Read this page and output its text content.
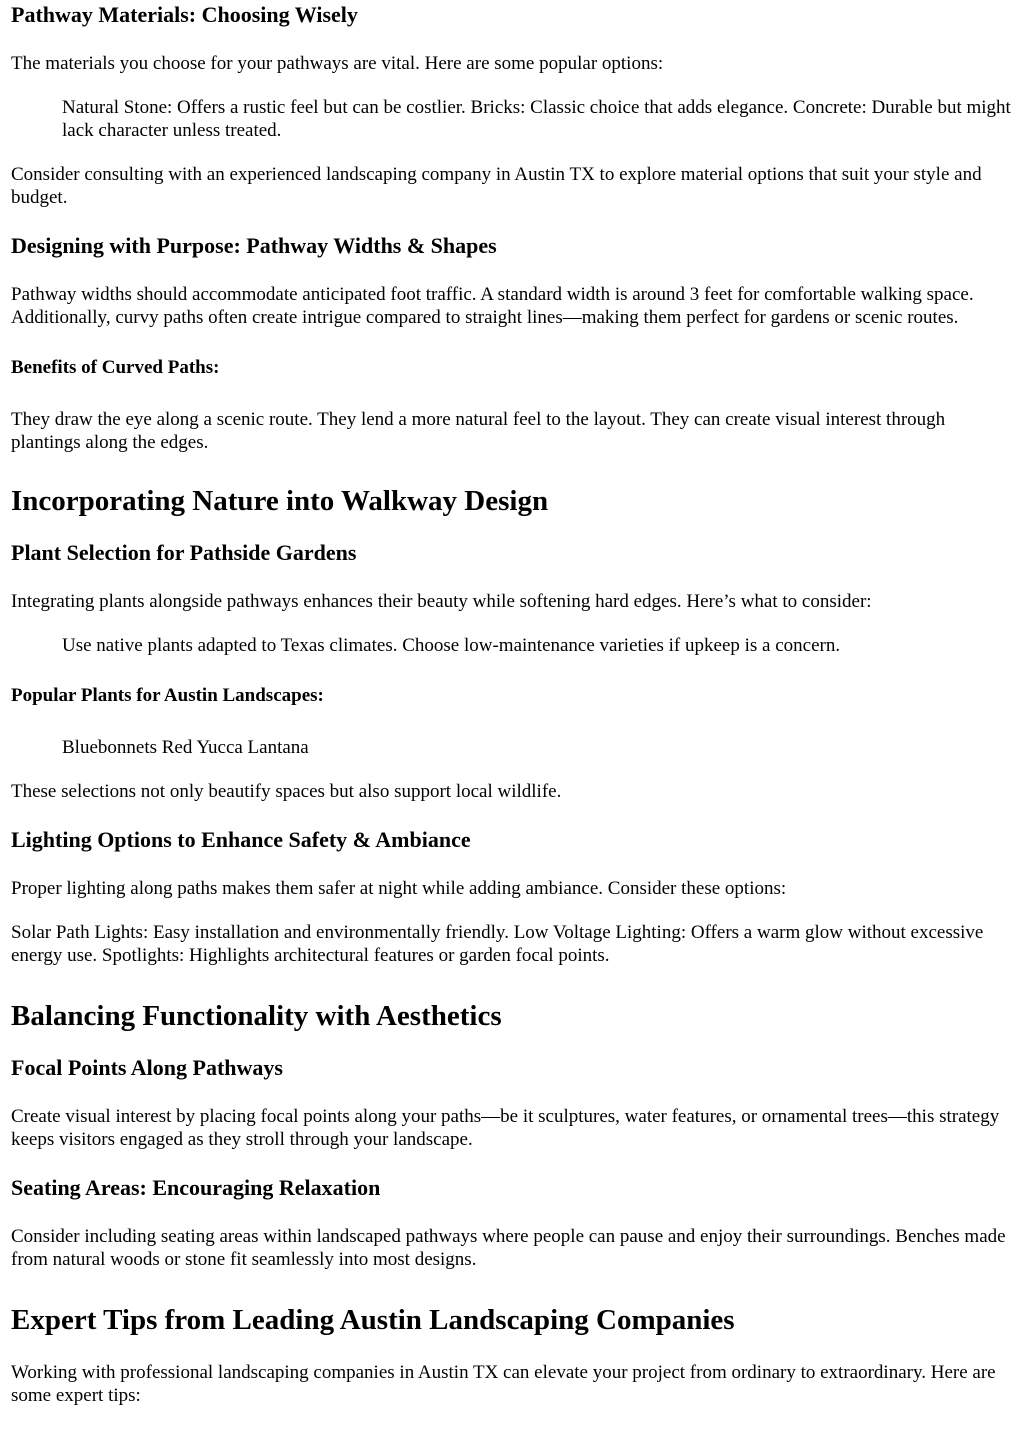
Pathway Materials: Choosing Wisely

The materials you choose for your pathways are vital. Here are some popular options:

Natural Stone: Offers a rustic feel but can be costlier. Bricks: Classic choice that adds elegance. Concrete: Durable but might lack character unless treated.

Consider consulting with an experienced landscaping company in Austin TX to explore material options that suit your style and budget.

Designing with Purpose: Pathway Widths & Shapes

Pathway widths should accommodate anticipated foot traffic. A standard width is around 3 feet for comfortable walking space. Additionally, curvy paths often create intrigue compared to straight lines—making them perfect for gardens or scenic routes.

Benefits of Curved Paths:

They draw the eye along a scenic route. They lend a more natural feel to the layout. They can create visual interest through plantings along the edges.

Incorporating Nature into Walkway Design
Plant Selection for Pathside Gardens

Integrating plants alongside pathways enhances their beauty while softening hard edges. Here’s what to consider:

Use native plants adapted to Texas climates. Choose low-maintenance varieties if upkeep is a concern.
Popular Plants for Austin Landscapes:
Bluebonnets Red Yucca Lantana

These selections not only beautify spaces but also support local wildlife.

Lighting Options to Enhance Safety & Ambiance

Proper lighting along paths makes them safer at night while adding ambiance. Consider these options:

Solar Path Lights: Easy installation and environmentally friendly. Low Voltage Lighting: Offers a warm glow without excessive energy use. Spotlights: Highlights architectural features or garden focal points.

Balancing Functionality with Aesthetics
Focal Points Along Pathways

Create visual interest by placing focal points along your paths—be it sculptures, water features, or ornamental trees—this strategy keeps visitors engaged as they stroll through your landscape.

Seating Areas: Encouraging Relaxation

Consider including seating areas within landscaped pathways where people can pause and enjoy their surroundings. Benches made from natural woods or stone fit seamlessly into most designs.

Expert Tips from Leading Austin Landscaping Companies

Working with professional landscaping companies in Austin TX can elevate your project from ordinary to extraordinary. Here are some expert tips:
